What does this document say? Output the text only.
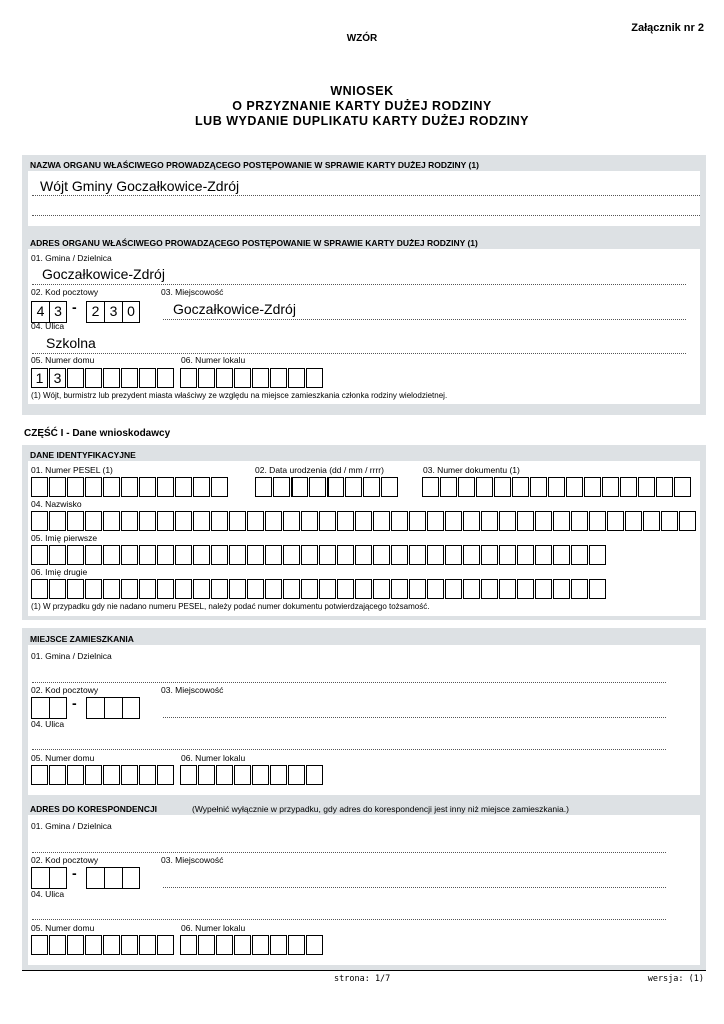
Załącznik nr 2
WZÓR
WNIOSEK
O PRZYZNANIE KARTY DUŻEJ RODZINY
LUB WYDANIE DUPLIKATU KARTY DUŻEJ RODZINY
NAZWA ORGANU WŁAŚCIWEGO PROWADZĄCEGO POSTĘPOWANIE W SPRAWIE KARTY DUŻEJ RODZINY (1)
Wójt Gminy Goczałkowice-Zdrój
ADRES ORGANU WŁAŚCIWEGO PROWADZĄCEGO POSTĘPOWANIE W SPRAWIE KARTY DUŻEJ RODZINY (1)
01. Gmina / Dzielnica
Goczałkowice-Zdrój
02. Kod pocztowy
4 3 -	2 3 0
03. Miejscowość
Goczałkowice-Zdrój
04. Ulica
Szkolna
05. Numer domu
1 3
06. Numer lokalu
(1) Wójt, burmistrz lub prezydent miasta właściwy ze względu na miejsce zamieszkania członka rodziny wielodzietnej.
CZĘŚĆ I - Dane wnioskodawcy
DANE IDENTYFIKACYJNE
01. Numer PESEL (1)	02. Data urodzenia (dd / mm / rrrr)	03. Numer dokumentu (1)
04. Nazwisko
05. Imię pierwsze
06. Imię drugie
(1) W przypadku gdy nie nadano numeru PESEL, należy podać numer dokumentu potwierdzającego tożsamość.
MIEJSCE ZAMIESZKANIA
01. Gmina / Dzielnica
02. Kod pocztowy
-
03. Miejscowość
04. Ulica
05. Numer domu	06. Numer lokalu
ADRES DO KORESPONDENCJI	(Wypełnić wyłącznie w przypadku, gdy adres do korespondencji jest inny niż miejsce zamieszkania.)
01. Gmina / Dzielnica
02. Kod pocztowy
-
03. Miejscowość
04. Ulica
05. Numer domu	06. Numer lokalu
strona: 1/7	wersja: (1)
